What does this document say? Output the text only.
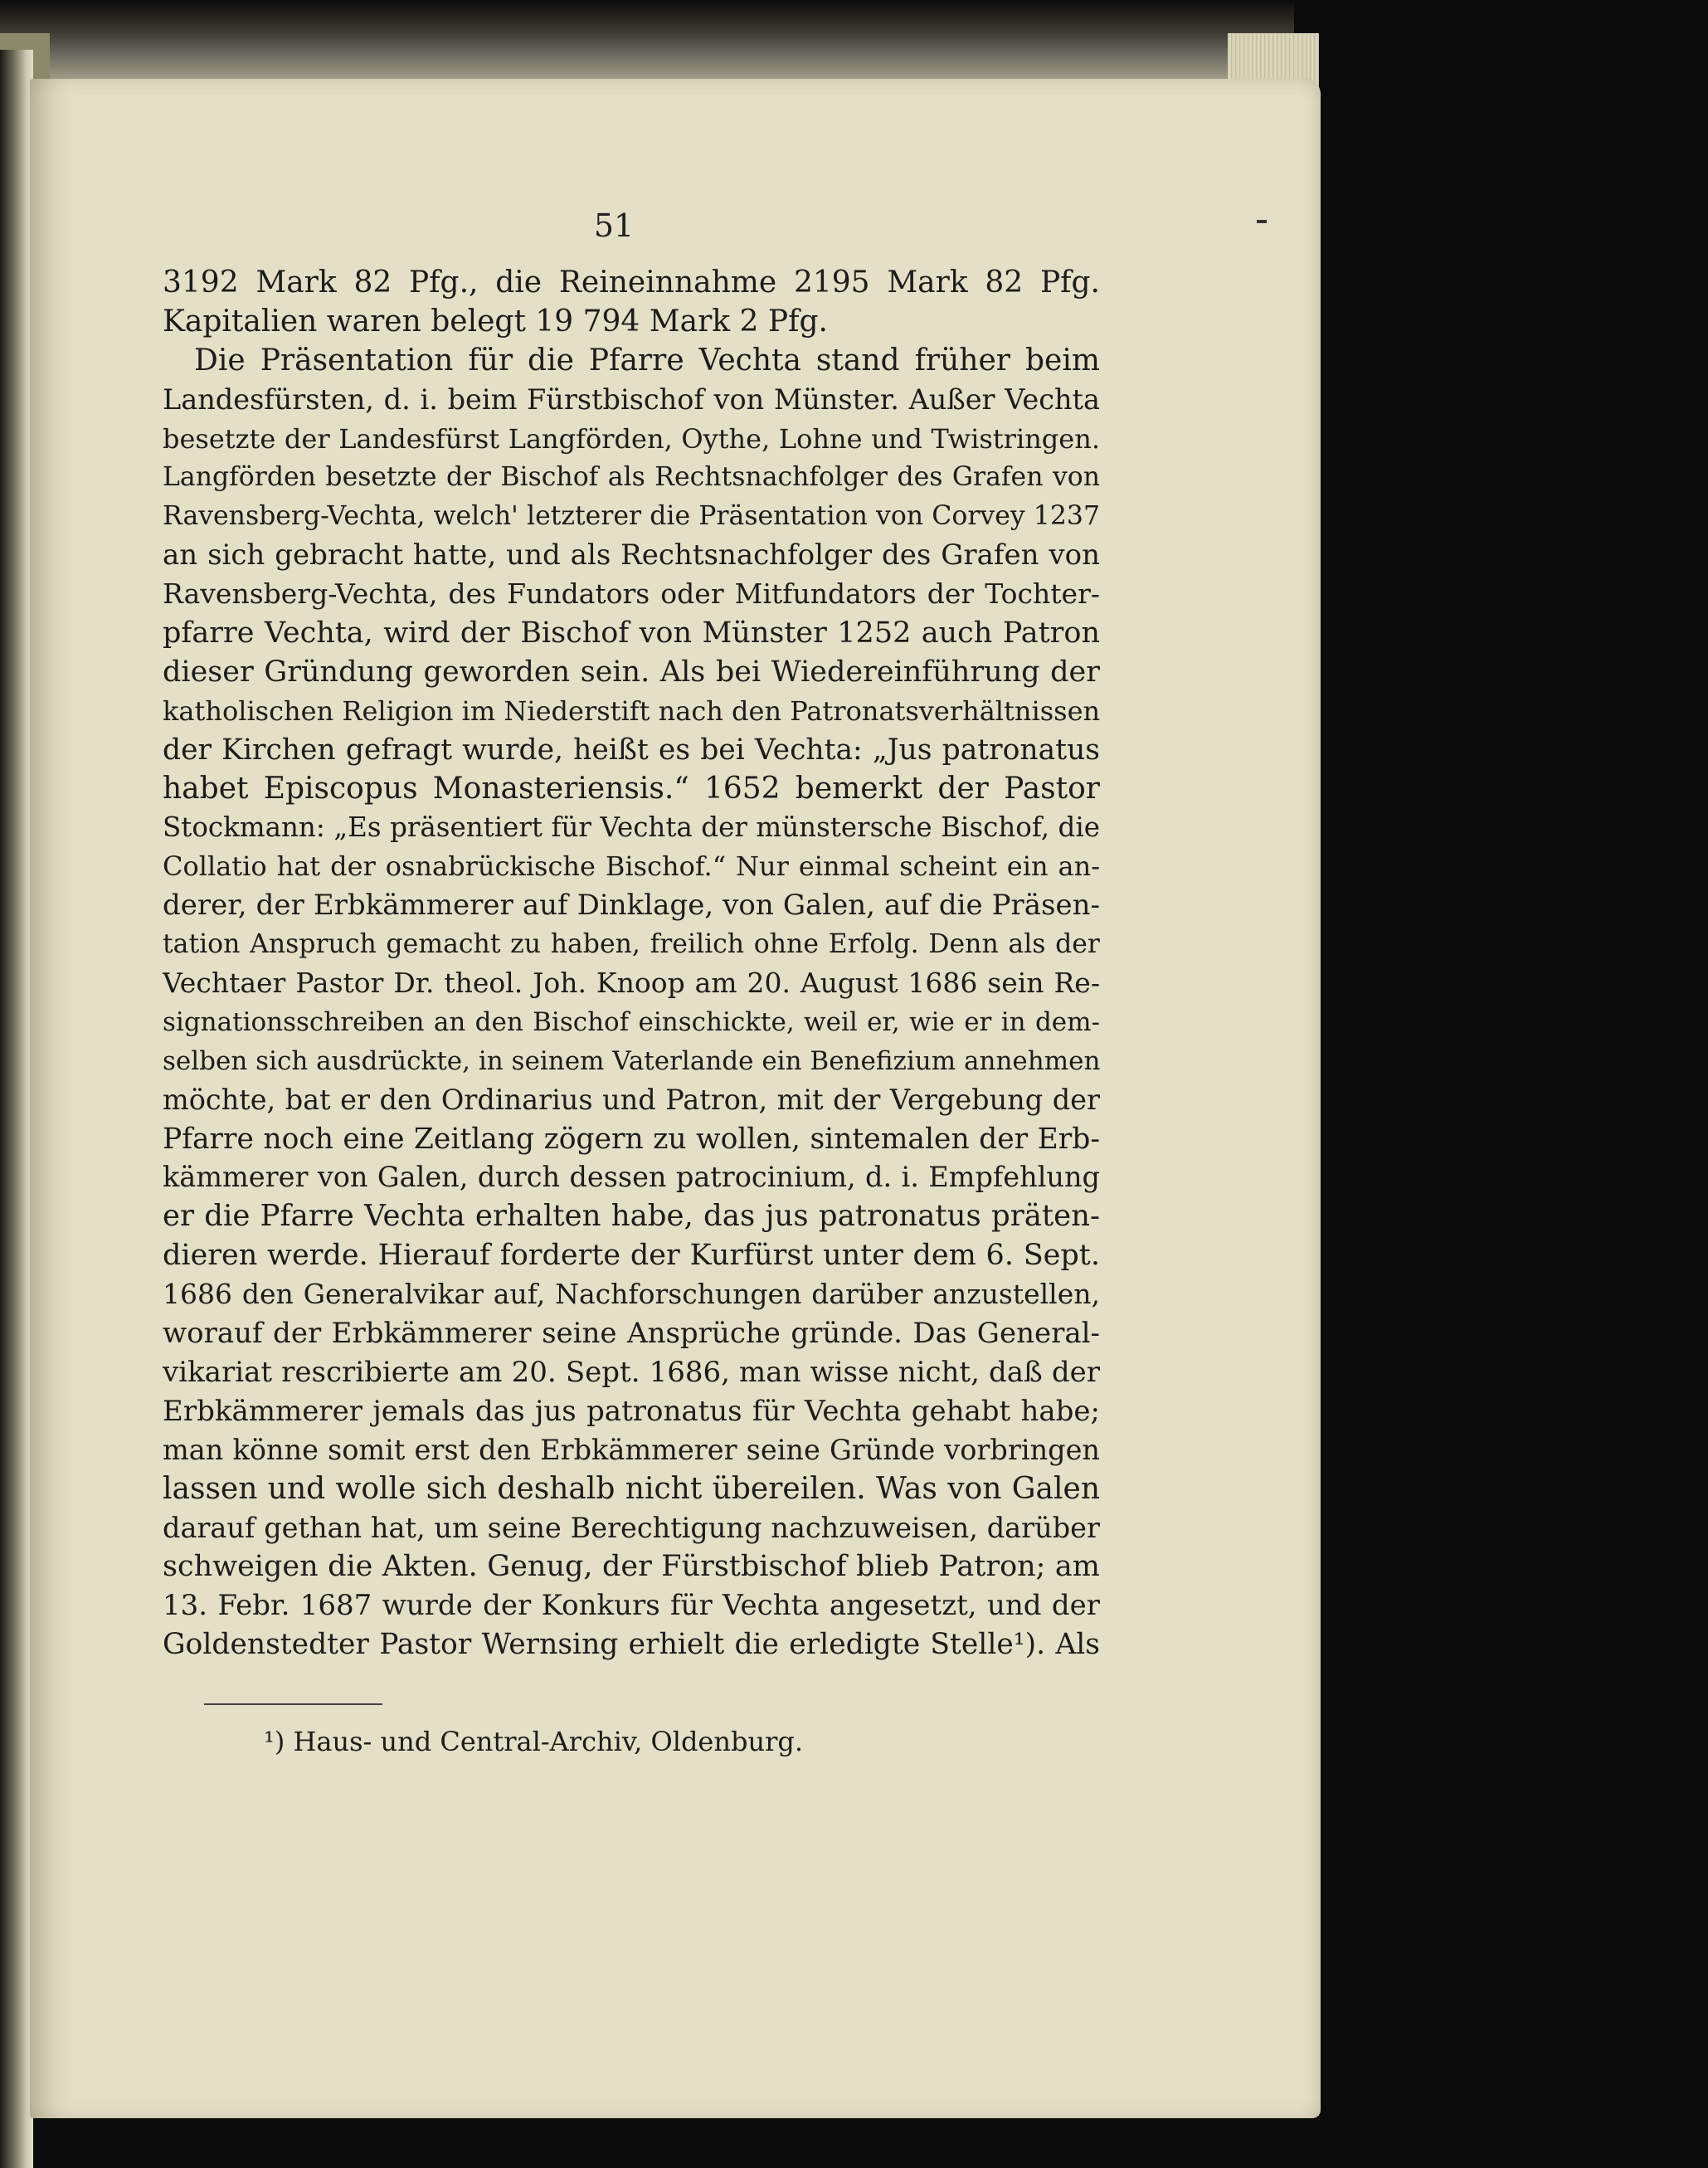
51
3192 Mark 82 Pfg., die Reineinnahme 2195 Mark 82 Pfg.
Kapitalien waren belegt 19 794 Mark 2 Pfg.
Die Präsentation für die Pfarre Vechta stand früher beim
Landesfürsten, d. i. beim Fürstbischof von Münster. Außer Vechta
besetzte der Landesfürst Langförden, Oythe, Lohne und Twistringen.
Langförden besetzte der Bischof als Rechtsnachfolger des Grafen von
Ravensberg-Vechta, welch' letzterer die Präsentation von Corvey 1237
an sich gebracht hatte, und als Rechtsnachfolger des Grafen von
Ravensberg-Vechta, des Fundators oder Mitfundators der Tochter-
pfarre Vechta, wird der Bischof von Münster 1252 auch Patron
dieser Gründung geworden sein. Als bei Wiedereinführung der
katholischen Religion im Niederstift nach den Patronatsverhältnissen
der Kirchen gefragt wurde, heißt es bei Vechta: „Jus patronatus
habet Episcopus Monasteriensis.“ 1652 bemerkt der Pastor
Stockmann: „Es präsentiert für Vechta der münstersche Bischof, die
Collatio hat der osnabrückische Bischof.“ Nur einmal scheint ein an-
derer, der Erbkämmerer auf Dinklage, von Galen, auf die Präsen-
tation Anspruch gemacht zu haben, freilich ohne Erfolg. Denn als der
Vechtaer Pastor Dr. theol. Joh. Knoop am 20. August 1686 sein Re-
signationsschreiben an den Bischof einschickte, weil er, wie er in dem-
selben sich ausdrückte, in seinem Vaterlande ein Benefizium annehmen
möchte, bat er den Ordinarius und Patron, mit der Vergebung der
Pfarre noch eine Zeitlang zögern zu wollen, sintemalen der Erb-
kämmerer von Galen, durch dessen patrocinium, d. i. Empfehlung
er die Pfarre Vechta erhalten habe, das jus patronatus präten-
dieren werde. Hierauf forderte der Kurfürst unter dem 6. Sept.
1686 den Generalvikar auf, Nachforschungen darüber anzustellen,
worauf der Erbkämmerer seine Ansprüche gründe. Das General-
vikariat rescribierte am 20. Sept. 1686, man wisse nicht, daß der
Erbkämmerer jemals das jus patronatus für Vechta gehabt habe;
man könne somit erst den Erbkämmerer seine Gründe vorbringen
lassen und wolle sich deshalb nicht übereilen. Was von Galen
darauf gethan hat, um seine Berechtigung nachzuweisen, darüber
schweigen die Akten. Genug, der Fürstbischof blieb Patron; am
13. Febr. 1687 wurde der Konkurs für Vechta angesetzt, und der
Goldenstedter Pastor Wernsing erhielt die erledigte Stelle¹). Als
¹) Haus- und Central-Archiv, Oldenburg.
